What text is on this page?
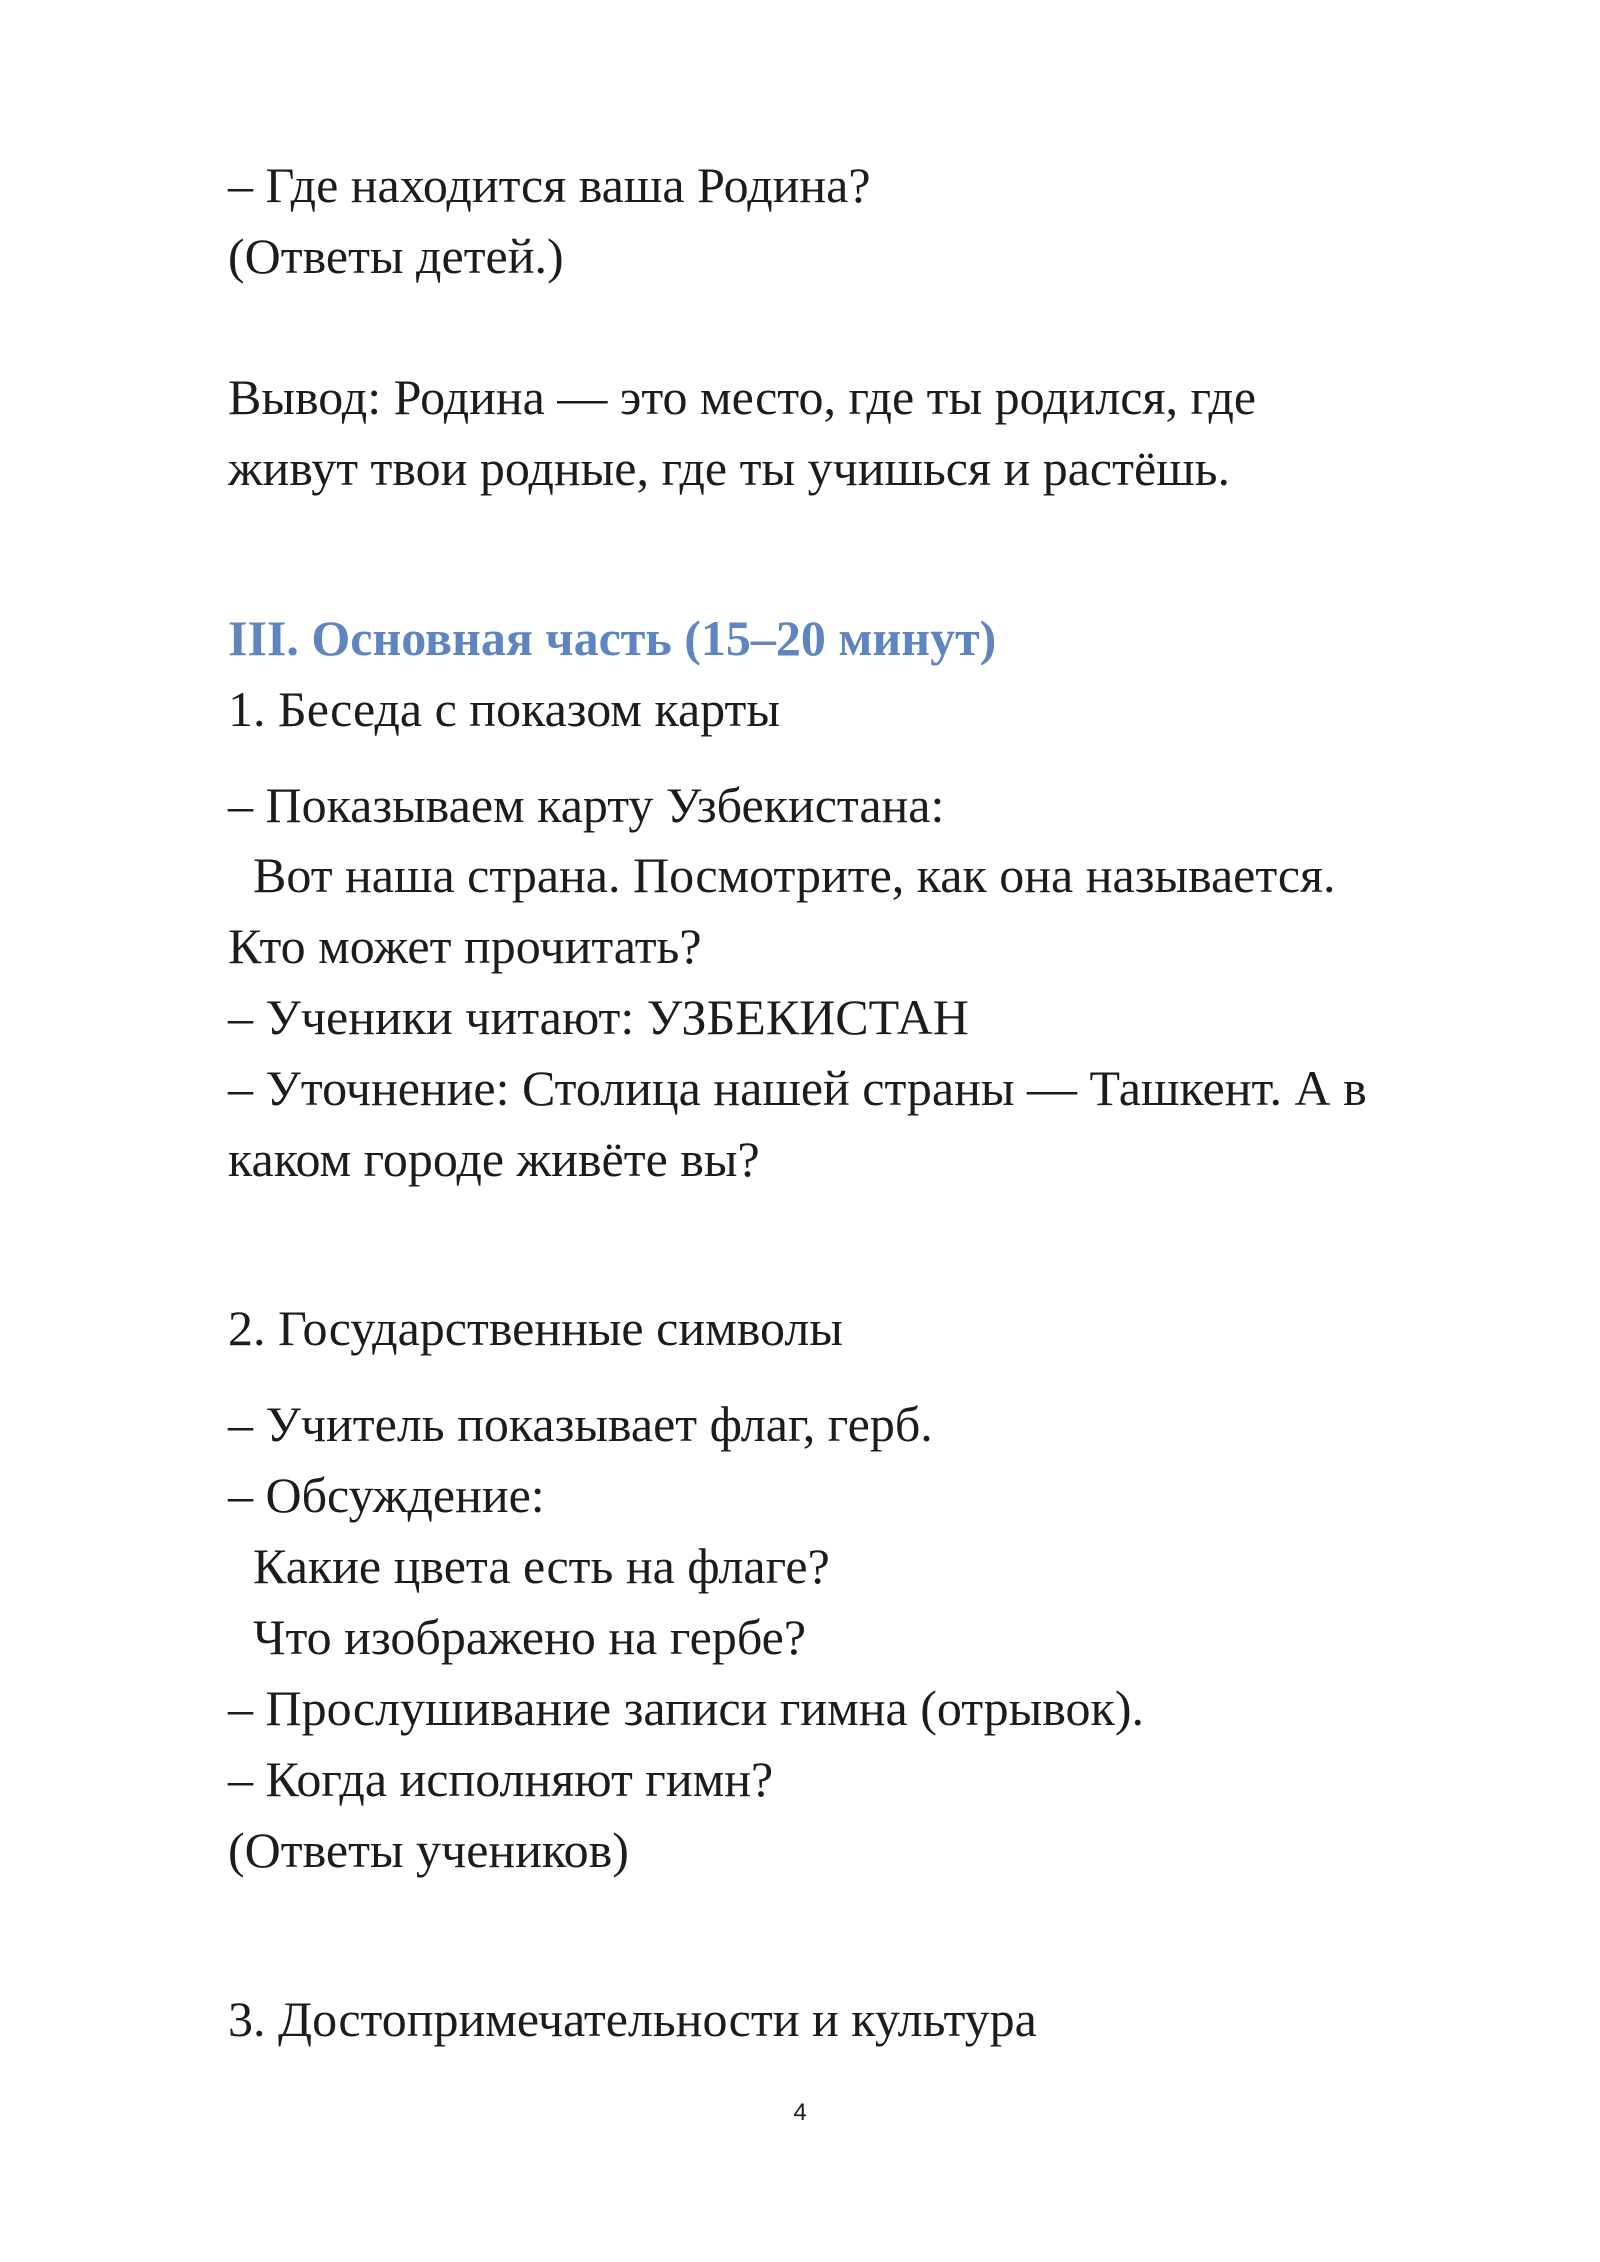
– Где находится ваша Родина?

(Ответы детей.)

Вывод: Родина — это место, где ты родился, где

живут твои родные, где ты учишься и растёшь.

III. Основная часть (15–20 минут)

1. Беседа с показом карты

– Показываем карту Узбекистана:

Вот наша страна. Посмотрите, как она называется.

Кто может прочитать?

– Ученики читают: УЗБЕКИСТАН

– Уточнение: Столица нашей страны — Ташкент. А в

каком городе живёте вы?

2. Государственные символы

– Учитель показывает флаг, герб.

– Обсуждение:

Какие цвета есть на флаге?

Что изображено на гербе?

– Прослушивание записи гимна (отрывок).

– Когда исполняют гимн?

(Ответы учеников)

3. Достопримечательности и культура

4
